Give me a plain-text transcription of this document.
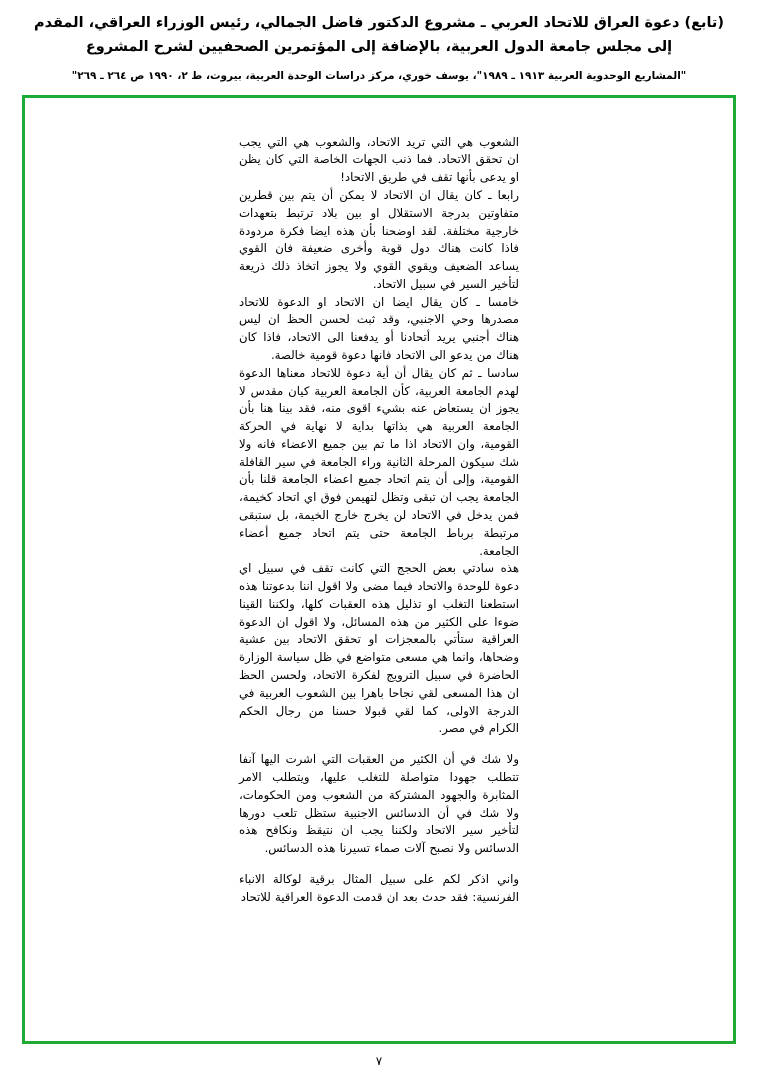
(تابع) دعوة العراق للاتحاد العربي ـ مشروع الدكتور فاضل الجمالي، رئيس الوزراء العراقي، المقدم إلى مجلس جامعة الدول العربية، بالإضافة إلى المؤتمرين الصحفيين لشرح المشروع
"المشاريع الوحدوية العربية ١٩١٣ ـ ١٩٨٩"، يوسف خوري، مركز دراسات الوحدة العربية، بيروت، ط ٢، ١٩٩٠ ص ٢٦٤ ـ ٢٦٩"

الشعوب هي التي تريد الاتحاد، والشعوب هي التي يجب ان تحقق الاتحاد. فما ذنب الجهات الخاصة التي كان يظن او يدعى بأنها تقف في طريق الاتحاد!

رابعا ـ كان يقال ان الاتحاد لا يمكن أن يتم بين قطرين متفاوتين بدرجة الاستقلال او بين بلاد ترتبط بتعهدات خارجية مختلفة. لقد اوضحنا بأن هذه ايضا فكرة مردودة فاذا كانت هناك دول قوية وأخرى ضعيفة فان القوي يساعد الضعيف ويقوي القوي ولا يجوز اتخاذ ذلك ذريعة لتأخير السير في سبيل الاتحاد.

خامسا ـ كان يقال ايضا ان الاتحاد او الدعوة للاتحاد مصدرها وحي الاجنبي، وقد ثبت لحسن الحظ ان ليس هناك أجنبي يريد أتحادنا أو يدفعنا الى الاتحاد، فاذا كان هناك من يدعو الى الاتحاد فانها دعوة قومية خالصة.

سادسا ـ ثم كان يقال أن أية دعوة للاتحاد معناها الدعوة لهدم الجامعة العربية، كأن الجامعة العربية كيان مقدس لا يجوز ان يستعاض عنه بشيء اقوى منه، فقد بينا هنا بأن الجامعة العربية هي بذاتها بداية لا نهاية في الحركة القومية، وان الاتحاد اذا ما تم بين جميع الاعضاء فانه ولا شك سيكون المرحلة الثانية وراء الجامعة في سير القافلة القومية، وإلى أن يتم اتحاد جميع اعضاء الجامعة قلنا بأن الجامعة يجب ان تبقى وتظل لتهيمن فوق اي اتحاد كخيمة، فمن يدخل في الاتحاد لن يخرج خارج الخيمة، بل ستبقى مرتبطة برباط الجامعة حتى يتم اتحاد جميع أعضاء الجامعة.

هذه سادتي بعض الحجج التي كانت تقف في سبيل اي دعوة للوحدة والاتحاد فيما مضى ولا اقول اننا بدعوتنا هذه استطعنا التغلب او تذليل هذه العقبات كلها، ولكننا القينا ضوءا على الكثير من هذه المسائل، ولا اقول ان الدعوة العراقية ستأتي بالمعجزات او تحقق الاتحاد بين عشية وضحاها، وانما هي مسعى متواضع في ظل سياسة الوزارة الحاضرة في سبيل الترويج لفكرة الاتحاد، ولحسن الحظ ان هذا المسعى لقي نجاحا باهرا بين الشعوب العربية في الدرجة الاولى، كما لقي قبولا حسنا من رجال الحكم الكرام في مصر.

ولا شك في أن الكثير من العقبات التي اشرت اليها آنفا تتطلب جهودا متواصلة للتغلب عليها، ويتطلب الامر المثابرة والجهود المشتركة من الشعوب ومن الحكومات، ولا شك في أن الدسائس الاجنبية ستظل تلعب دورها لتأخير سير الاتحاد ولكننا يجب ان نتيقظ ونكافح هذه الدسائس ولا نصبح آلات صماء تسيرنا هذه الدسائس.

واني اذكر لكم على سبيل المثال برقية لوكالة الانباء الفرنسية: فقد حدث بعد ان قدمت الدعوة العراقية للاتحاد

٧
